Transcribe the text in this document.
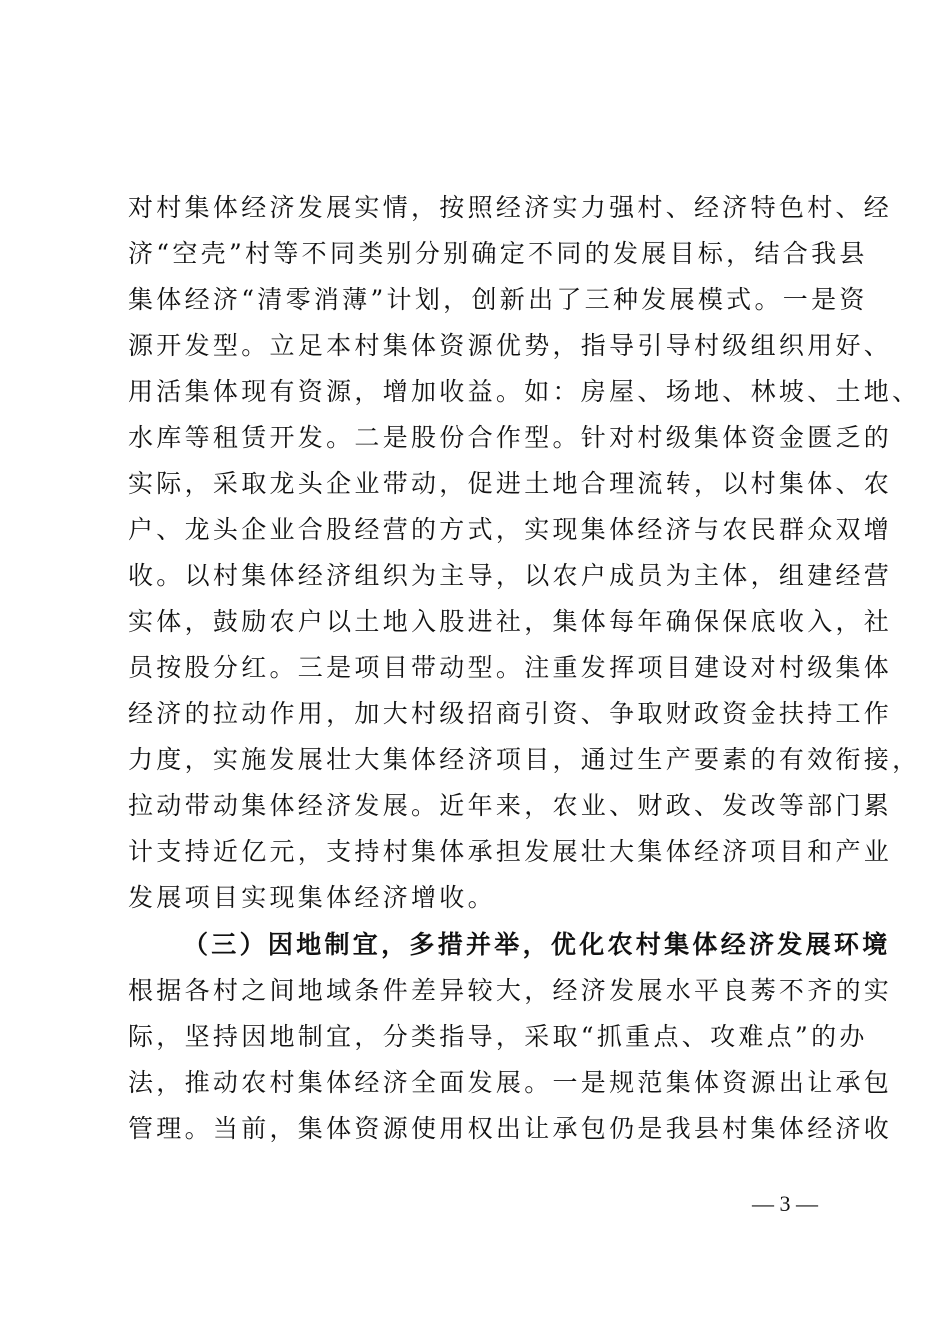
对村集体经济发展实情，按照经济实力强村、经济特色村、经
济“空壳”村等不同类别分别确定不同的发展目标，结合我县
集体经济“清零消薄”计划，创新出了三种发展模式。一是资
源开发型。立足本村集体资源优势，指导引导村级组织用好、
用活集体现有资源，增加收益。如：房屋、场地、林坡、土地、
水库等租赁开发。二是股份合作型。针对村级集体资金匮乏的
实际，采取龙头企业带动，促进土地合理流转，以村集体、农
户、龙头企业合股经营的方式，实现集体经济与农民群众双增
收。以村集体经济组织为主导，以农户成员为主体，组建经营
实体，鼓励农户以土地入股进社，集体每年确保保底收入，社
员按股分红。三是项目带动型。注重发挥项目建设对村级集体
经济的拉动作用，加大村级招商引资、争取财政资金扶持工作
力度，实施发展壮大集体经济项目，通过生产要素的有效衔接，
拉动带动集体经济发展。近年来，农业、财政、发改等部门累
计支持近亿元，支持村集体承担发展壮大集体经济项目和产业
发展项目实现集体经济增收。
（三）因地制宜，多措并举，优化农村集体经济发展环境
根据各村之间地域条件差异较大，经济发展水平良莠不齐的实
际，坚持因地制宜，分类指导，采取“抓重点、攻难点”的办
法，推动农村集体经济全面发展。一是规范集体资源出让承包
管理。当前，集体资源使用权出让承包仍是我县村集体经济收
— 3 —
